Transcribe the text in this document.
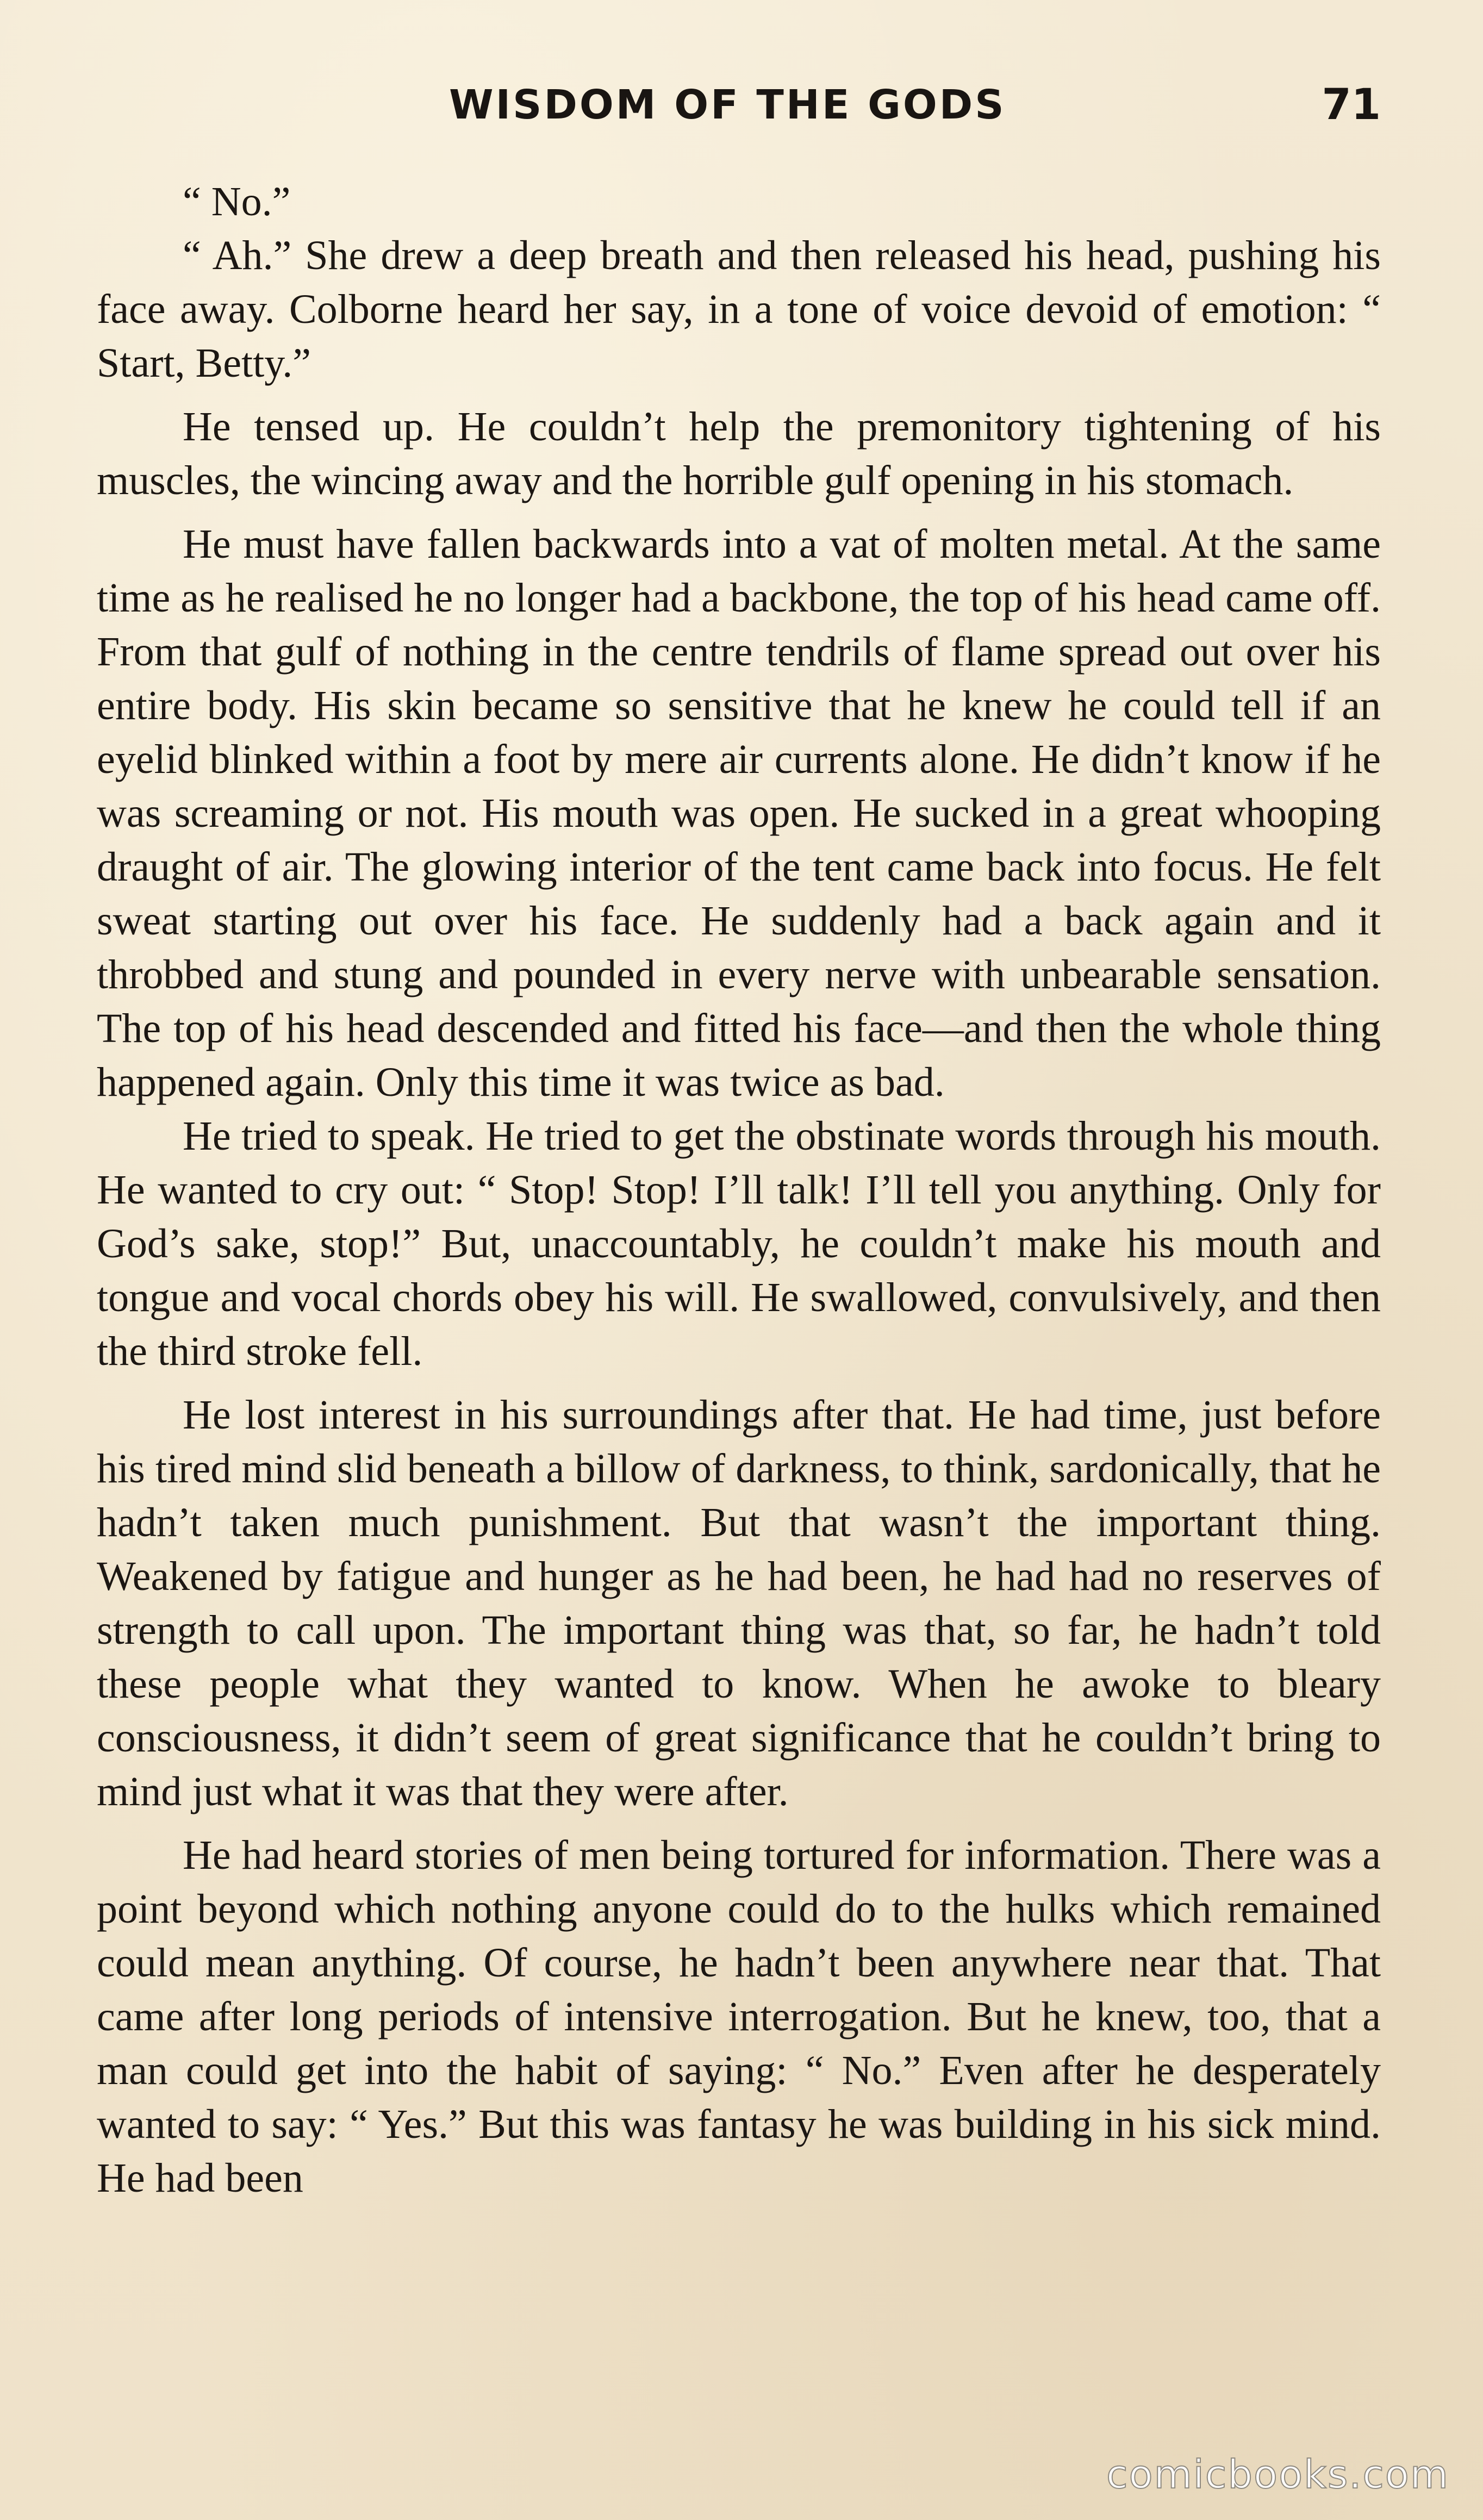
WISDOM OF THE GODS	71

“ No.”

“ Ah.” She drew a deep breath and then released his head, pushing his face away. Colborne heard her say, in a tone of voice devoid of emotion: “ Start, Betty.”

He tensed up. He couldn’t help the premonitory tightening of his muscles, the wincing away and the horrible gulf opening in his stomach.

He must have fallen backwards into a vat of molten metal. At the same time as he realised he no longer had a backbone, the top of his head came off. From that gulf of nothing in the centre tendrils of flame spread out over his entire body. His skin became so sensitive that he knew he could tell if an eyelid blinked within a foot by mere air currents alone. He didn’t know if he was screaming or not. His mouth was open. He sucked in a great whooping draught of air. The glowing interior of the tent came back into focus. He felt sweat starting out over his face. He suddenly had a back again and it throbbed and stung and pounded in every nerve with unbearable sensation. The top of his head descended and fitted his face—and then the whole thing happened again. Only this time it was twice as bad.

He tried to speak. He tried to get the obstinate words through his mouth. He wanted to cry out: “ Stop! Stop! I’ll talk! I’ll tell you anything. Only for God’s sake, stop!” But, unaccountably, he couldn’t make his mouth and tongue and vocal chords obey his will. He swallowed, convulsively, and then the third stroke fell.

He lost interest in his surroundings after that. He had time, just before his tired mind slid beneath a billow of darkness, to think, sardonically, that he hadn’t taken much punishment. But that wasn’t the important thing. Weakened by fatigue and hunger as he had been, he had had no reserves of strength to call upon. The important thing was that, so far, he hadn’t told these people what they wanted to know. When he awoke to bleary consciousness, it didn’t seem of great significance that he couldn’t bring to mind just what it was that they were after.

He had heard stories of men being tortured for information. There was a point beyond which nothing anyone could do to the hulks which remained could mean anything. Of course, he hadn’t been anywhere near that. That came after long periods of intensive interrogation. But he knew, too, that a man could get into the habit of saying: “ No.” Even after he desperately wanted to say: “ Yes.” But this was fantasy he was building in his sick mind. He had been

comicbooks.com
